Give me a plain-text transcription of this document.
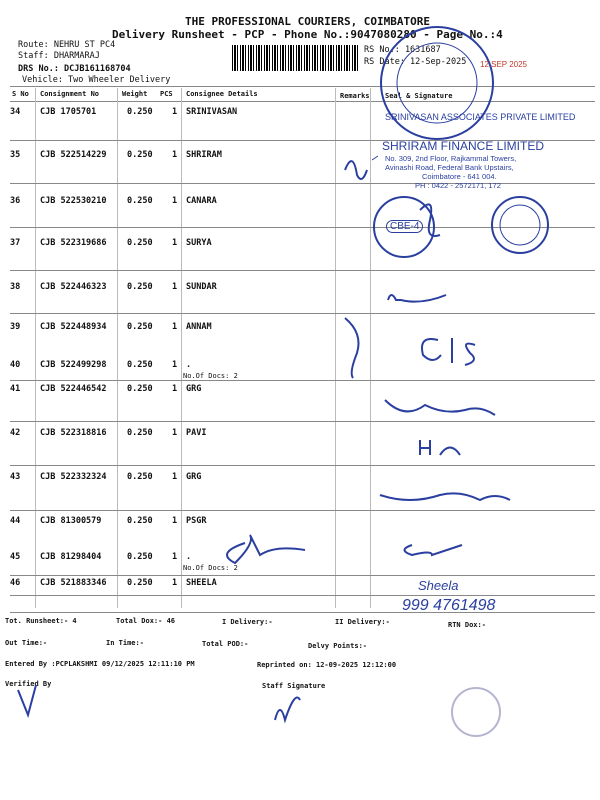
THE PROFESSIONAL COURIERS, COIMBATORE
Delivery Runsheet - PCP - Phone No.:9047080280 - Page No.:4
Route: NEHRU ST PC4
Staff: DHARMARAJ
DRS No.: DCJB161168704
Vehicle: Two Wheeler Delivery
RS No.: 1631687
RS Date: 12-Sep-2025
S No Consignment No	Weight PCS Consignee Details	Remarks Seal & Signature
34 CJB 1705701	0.250 1 SRINIVASAN
35 CJB 522514229 0.250 1 SHRIRAM
36 CJB 522530210 0.250 1 CANARA
37 CJB 522319686 0.250 1 SURYA
38 CJB 522446323 0.250 1 SUNDAR
39 CJB 522448934 0.250 1 ANNAM
40 CJB 522499298 0.250 1 .
No.Of Docs: 2
41 CJB 522446542 0.250 1 GRG
42 CJB 522318816 0.250 1 PAVI
43 CJB 522332324 0.250 1 GRG
44 CJB 81300579	0.250 1 PSGR
45 CJB 81298404	0.250 1 .
No.Of Docs: 2
46 CJB 521883346 0.250 1 SHEELA
Tot. Runsheet:- 4	Total Dox:- 46	I Delivery:-	II Delivery:-	RTN Dox:-
Out Time:-	In Time:-	Total POD:-	Delvy Points:-
Entered By :PCPLAKSHMI 09/12/2025 12:11:10 PM	Reprinted on: 12-09-2025 12:12:00
Verified By	Staff Signature
SRINIVASAN ASSOCIATES PRIVATE LIMITED
12 SEP 2025
SHRIRAM FINANCE LIMITED
No. 309, 2nd Floor, Rajkammal Towers,
Avinashi Road, Federal Bank Upstairs,
Coimbatore - 641 004.
PH : 0422 - 2572171, 172
CBE-4
Sheela
999 4761498
